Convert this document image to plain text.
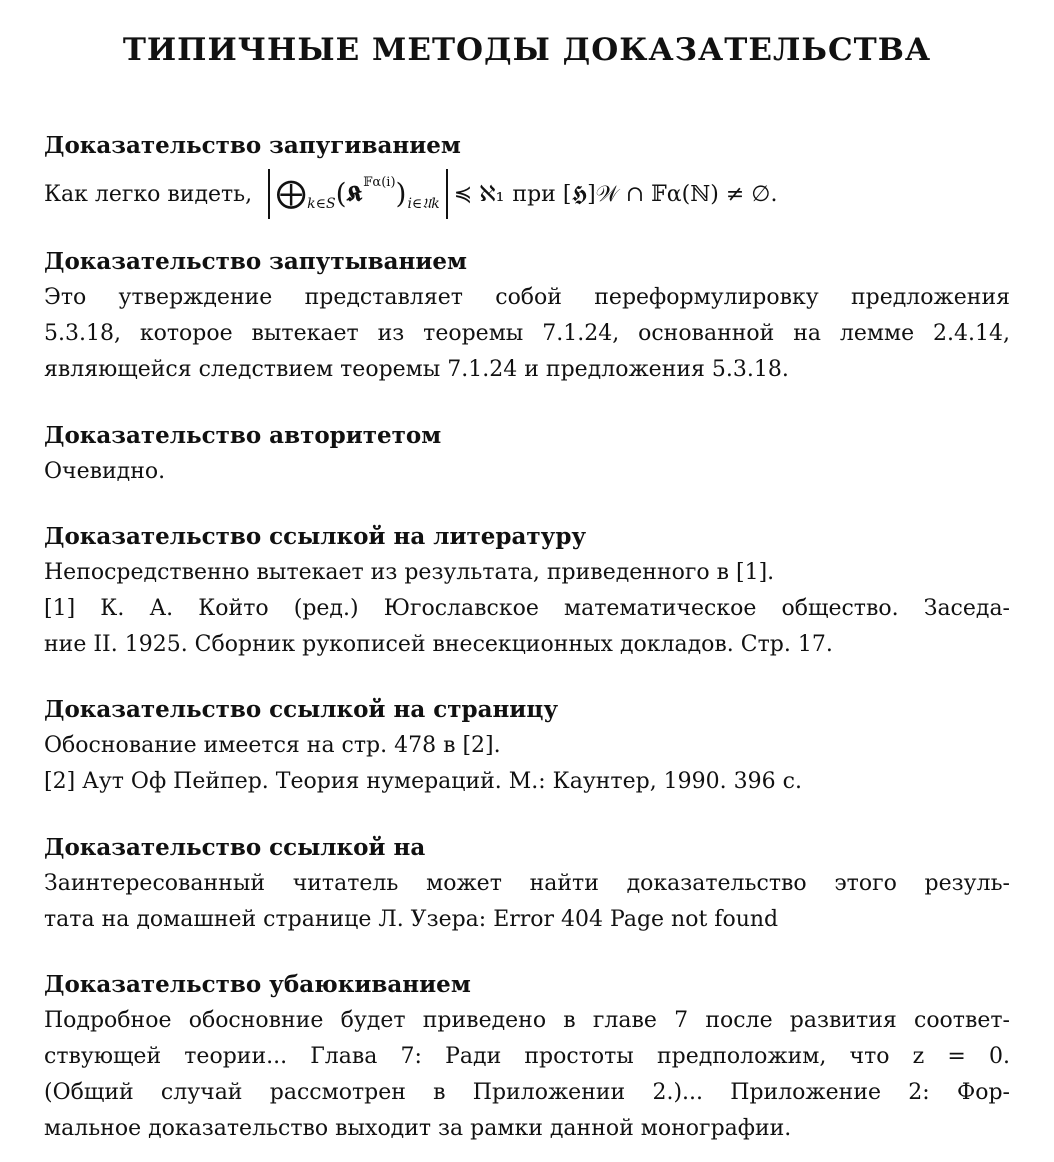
ТИПИЧНЫЕ МЕТОДЫ ДОКАЗАТЕЛЬСТВА
Доказательство запугиванием
Как легко видеть, ⨁ k∈S ( 𝕶 𝔽α(i) ) i∈𝔘k ≼ ℵ₁ при [𝕳]𝒲 ∩ 𝔽α(ℕ) ≠ ∅.
Доказательство запутыванием
Это утверждение представляет собой переформулировку предложения
5.3.18, которое вытекает из теоремы 7.1.24, основанной на лемме 2.4.14,
являющейся следствием теоремы 7.1.24 и предложения 5.3.18.
Доказательство авторитетом
Очевидно.
Доказательство ссылкой на литературу
Непосредственно вытекает из результата, приведенного в [1].
[1] К. А. Който (ред.) Югославское математическое общество. Заседа-
ние II. 1925. Сборник рукописей внесекционных докладов. Стр. 17.
Доказательство ссылкой на страницу
Обоснование имеется на стр. 478 в [2].
[2] Аут Оф Пейпер. Теория нумераций. М.: Каунтер, 1990. 396 с.
Доказательство ссылкой на
Заинтересованный читатель может найти доказательство этого резуль-
тата на домашней странице Л. Узера: Error 404 Page not found
Доказательство убаюкиванием
Подробное обосновние будет приведено в главе 7 после развития соответ-
ствующей теории... Глава 7: Ради простоты предположим, что z = 0.
(Общий случай рассмотрен в Приложении 2.)... Приложение 2: Фор-
мальное доказательство выходит за рамки данной монографии.
